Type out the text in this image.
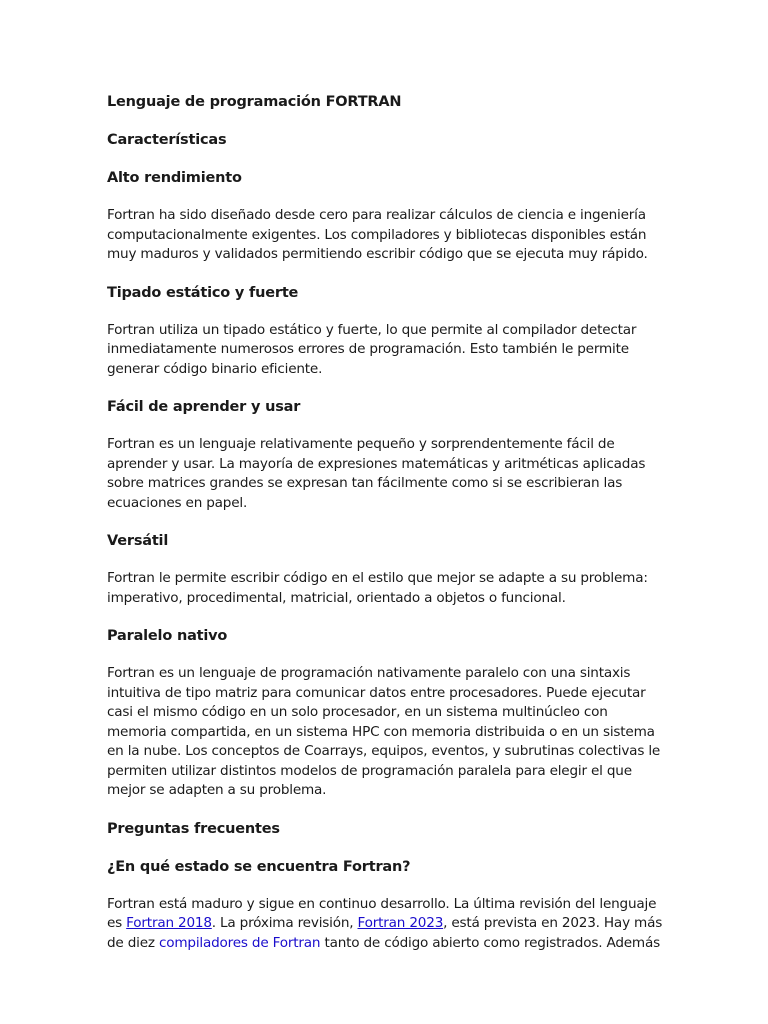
Lenguaje de programación FORTRAN
Características
Alto rendimiento
Fortran ha sido diseñado desde cero para realizar cálculos de ciencia e ingeniería computacionalmente exigentes. Los compiladores y bibliotecas disponibles están muy maduros y validados permitiendo escribir código que se ejecuta muy rápido.
Tipado estático y fuerte
Fortran utiliza un tipado estático y fuerte, lo que permite al compilador detectar inmediatamente numerosos errores de programación. Esto también le permite generar código binario eficiente.
Fácil de aprender y usar
Fortran es un lenguaje relativamente pequeño y sorprendentemente fácil de aprender y usar. La mayoría de expresiones matemáticas y aritméticas aplicadas sobre matrices grandes se expresan tan fácilmente como si se escribieran las ecuaciones en papel.
Versátil
Fortran le permite escribir código en el estilo que mejor se adapte a su problema: imperativo, procedimental, matricial, orientado a objetos o funcional.
Paralelo nativo
Fortran es un lenguaje de programación nativamente paralelo con una sintaxis intuitiva de tipo matriz para comunicar datos entre procesadores. Puede ejecutar casi el mismo código en un solo procesador, en un sistema multinúcleo con memoria compartida, en un sistema HPC con memoria distribuida o en un sistema en la nube. Los conceptos de Coarrays, equipos, eventos, y subrutinas colectivas le permiten utilizar distintos modelos de programación paralela para elegir el que mejor se adapten a su problema.
Preguntas frecuentes
¿En qué estado se encuentra Fortran?
Fortran está maduro y sigue en continuo desarrollo. La última revisión del lenguaje es Fortran 2018. La próxima revisión, Fortran 2023, está prevista en 2023. Hay más de diez compiladores de Fortran tanto de código abierto como registrados. Además
